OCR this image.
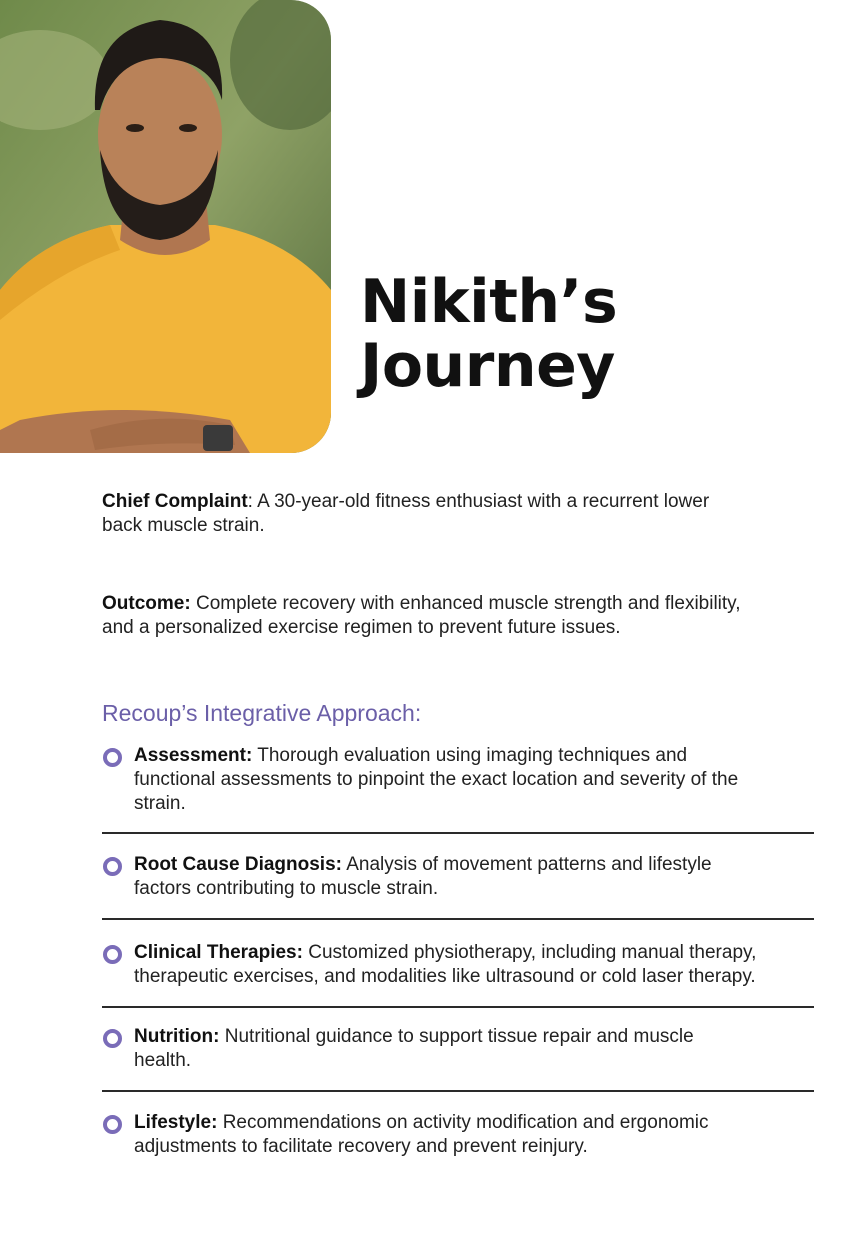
Nikith’s
Journey
Chief Complaint: A 30-year-old fitness enthusiast with a recurrent lower back muscle strain.
Outcome: Complete recovery with enhanced muscle strength and flexibility, and a personalized exercise regimen to prevent future issues.
Recoup’s Integrative Approach:
Assessment: Thorough evaluation using imaging techniques and functional assessments to pinpoint the exact location and severity of the strain.
Root Cause Diagnosis: Analysis of movement patterns and lifestyle factors contributing to muscle strain.
Clinical Therapies: Customized physiotherapy, including manual therapy, therapeutic exercises, and modalities like ultrasound or cold laser therapy.
Nutrition: Nutritional guidance to support tissue repair and muscle health.
Lifestyle: Recommendations on activity modification and ergonomic adjustments to facilitate recovery and prevent reinjury.
